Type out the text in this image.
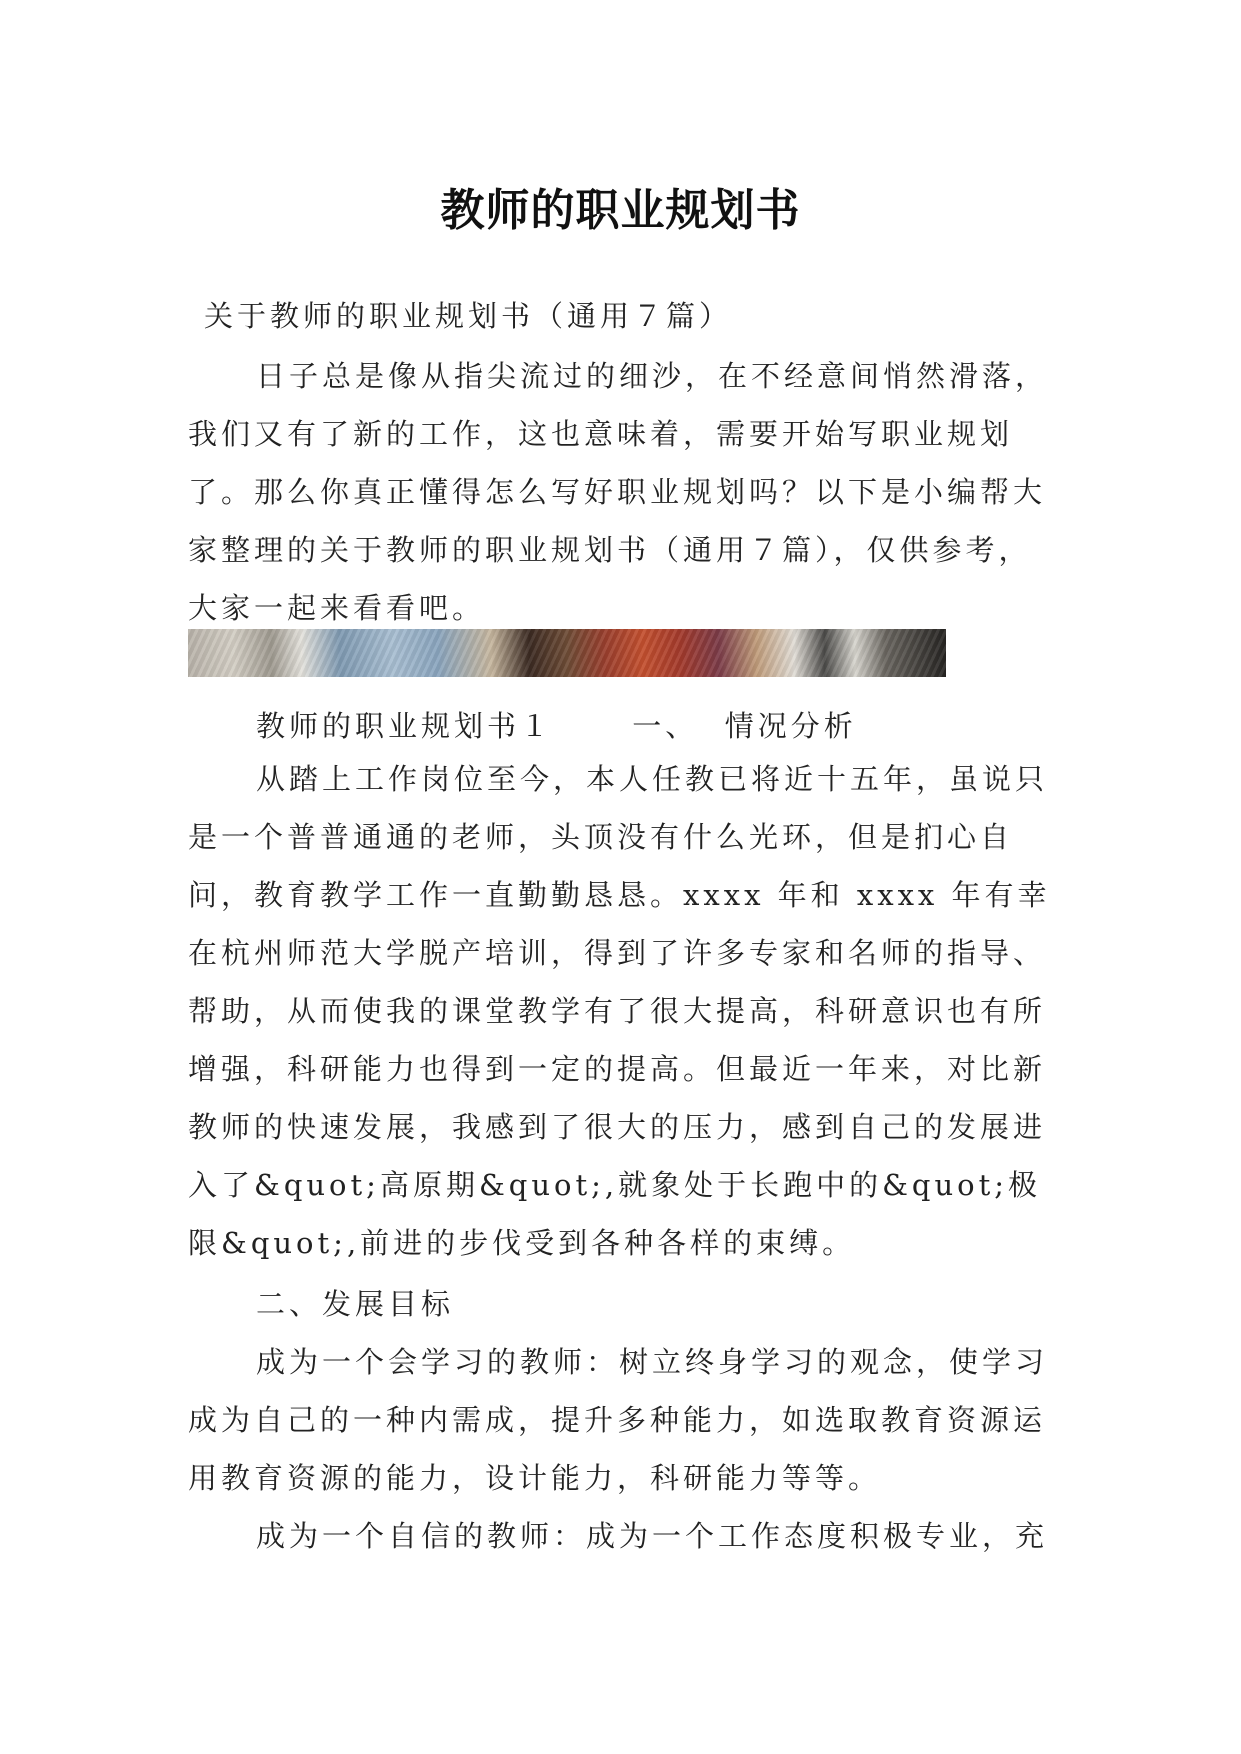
教师的职业规划书

关于教师的职业规划书（通用７篇）

日子总是像从指尖流过的细沙，在不经意间悄然滑落，我们又有了新的工作，这也意味着，需要开始写职业规划了。那么你真正懂得怎么写好职业规划吗？以下是小编帮大家整理的关于教师的职业规划书（通用７篇），仅供参考，大家一起来看看吧。

教师的职业规划书１      一、  情况分析

从踏上工作岗位至今，本人任教已将近十五年，虽说只是一个普普通通的老师，头顶没有什么光环，但是扪心自问，教育教学工作一直勤勤恳恳。xxxx 年和 xxxx 年有幸在杭州师范大学脱产培训，得到了许多专家和名师的指导、帮助，从而使我的课堂教学有了很大提高，科研意识也有所增强，科研能力也得到一定的提高。但最近一年来，对比新教师的快速发展，我感到了很大的压力，感到自己的发展进入了&quot;高原期&quot;,就象处于长跑中的&quot;极限&quot;,前进的步伐受到各种各样的束缚。

二、发展目标

成为一个会学习的教师：树立终身学习的观念，使学习成为自己的一种内需成，提升多种能力，如选取教育资源运用教育资源的能力，设计能力，科研能力等等。

成为一个自信的教师：成为一个工作态度积极专业，充
